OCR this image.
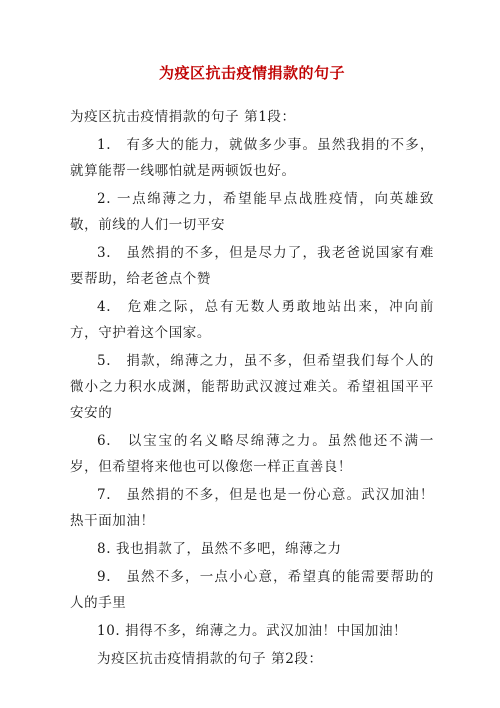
为疫区抗击疫情捐款的句子

为疫区抗击疫情捐款的句子 第1段：

1.　有多大的能力，就做多少事。虽然我捐的不多，就算能帮一线哪怕就是两顿饭也好。

2. 一点绵薄之力，希望能早点战胜疫情，向英雄致敬，前线的人们一切平安

3.　虽然捐的不多，但是尽力了，我老爸说国家有难要帮助，给老爸点个赞

4.　危难之际，总有无数人勇敢地站出来，冲向前方，守护着这个国家。

5.　捐款，绵薄之力，虽不多，但希望我们每个人的微小之力积水成渊，能帮助武汉渡过难关。希望祖国平平安安的

6.　以宝宝的名义略尽绵薄之力。虽然他还不满一岁，但希望将来他也可以像您一样正直善良！

7.　虽然捐的不多，但是也是一份心意。武汉加油！热干面加油！

8. 我也捐款了，虽然不多吧，绵薄之力

9.　虽然不多，一点小心意，希望真的能需要帮助的人的手里

10. 捐得不多，绵薄之力。武汉加油！中国加油！

为疫区抗击疫情捐款的句子 第2段：
